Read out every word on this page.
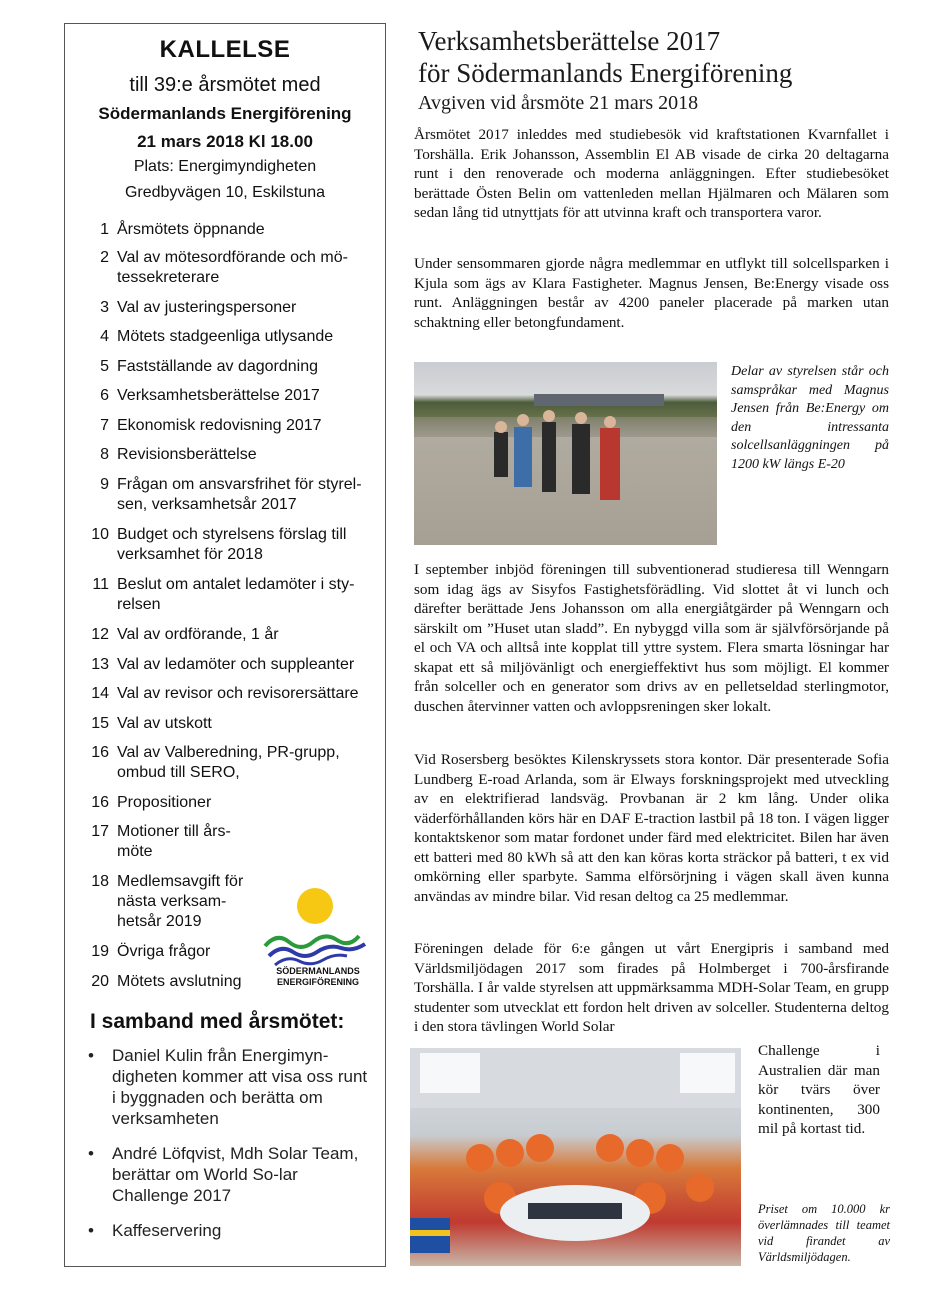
KALLELSE
till 39:e årsmötet med
Södermanlands Energiförening
21 mars 2018 Kl 18.00
Plats: Energimyndigheten
Gredbyvägen 10, Eskilstuna
1 Årsmötets öppnande
2 Val av mötesordförande och mö-tessekreterare
3 Val av justeringspersoner
4 Mötets stadgeenliga utlysande
5 Fastställande av dagordning
6 Verksamhetsberättelse 2017
7 Ekonomisk redovisning 2017
8 Revisionsberättelse
9 Frågan om ansvarsfrihet för styrel-sen, verksamhetsår 2017
10 Budget och styrelsens förslag till verksamhet för 2018
11 Beslut om antalet ledamöter i sty-relsen
12 Val av ordförande, 1 år
13 Val av ledamöter och suppleanter
14 Val av revisor och revisorersättare
15 Val av utskott
16 Val av Valberedning, PR-grupp, ombud till SERO,
16 Propositioner
17 Motioner till års-möte
18 Medlemsavgift för nästa verksam-hetsår 2019
19 Övriga frågor
20 Mötets avslutning
SÖDERMANLANDS
ENERGIFÖRENING
I samband med årsmötet:
•	Daniel Kulin från Energimyn-digheten kommer att visa oss runt i byggnaden och berätta om verksamheten
•	André Löfqvist, Mdh Solar Team, berättar om World So-lar Challenge 2017
•	Kaffeservering
Verksamhetsberättelse 2017
för Södermanlands Energiförening
Avgiven vid årsmöte 21 mars 2018
Årsmötet 2017 inleddes med studiebesök vid kraftstationen Kvarnfallet i Torshälla. Erik Johansson, Assemblin El AB visade de cirka 20 deltagarna runt i den renoverade och moderna anläggningen. Efter studiebesöket berättade Östen Belin om vattenleden mellan Hjälmaren och Mälaren som sedan lång tid utnyttjats för att utvinna kraft och transportera varor.
Under sensommaren gjorde några medlemmar en utflykt till solcellsparken i Kjula som ägs av Klara Fastigheter. Magnus Jensen, Be:Energy visade oss runt. Anläggningen består av 4200 paneler placerade på marken utan schaktning eller betongfundament.
Delar av styrelsen står och samspråkar med Magnus Jensen från Be:Energy om den intressanta solcellsanläggningen på 1200 kW längs E-20
I september inbjöd föreningen till subventionerad studieresa till Wenngarn som idag ägs av Sisyfos Fastighetsförädling. Vid slottet åt vi lunch och därefter berättade Jens Johansson om alla energiåtgärder på Wenngarn och särskilt om ”Huset utan sladd”. En nybyggd villa som är självförsörjande på el och VA och alltså inte kopplat till yttre system. Flera smarta lösningar har skapat ett så miljövänligt och energieffektivt hus som möjligt. El kommer från solceller och en generator som drivs av en pelletseldad sterlingmotor, duschen återvinner vatten och avloppsreningen sker lokalt.
Vid Rosersberg besöktes Kilenskryssets stora kontor. Där presenterade Sofia Lundberg E-road Arlanda, som är Elways forskningsprojekt med utveckling av en elektrifierad landsväg. Provbanan är 2 km lång. Under olika väderförhållanden körs här en DAF E-traction lastbil på 18 ton. I vägen ligger kontaktskenor som matar fordonet under färd med elektricitet. Bilen har även ett batteri med 80 kWh så att den kan köras korta sträckor på batteri, t ex vid omkörning eller sparbyte. Samma elförsörjning i vägen skall även kunna användas av mindre bilar. Vid resan deltog ca 25 medlemmar.
Föreningen delade för 6:e gången ut vårt Energipris i samband med Världsmiljödagen 2017 som firades på Holmberget i 700-årsfirande Torshälla. I år valde styrelsen att uppmärksamma MDH-Solar Team, en grupp studenter som utvecklat ett fordon helt driven av solceller. Studenterna deltog i den stora tävlingen World Solar
Challenge i Australien där man kör tvärs över kontinenten, 300 mil på kortast tid.
Priset om 10.000 kr överlämnades till teamet vid firandet av Världsmiljödagen.
